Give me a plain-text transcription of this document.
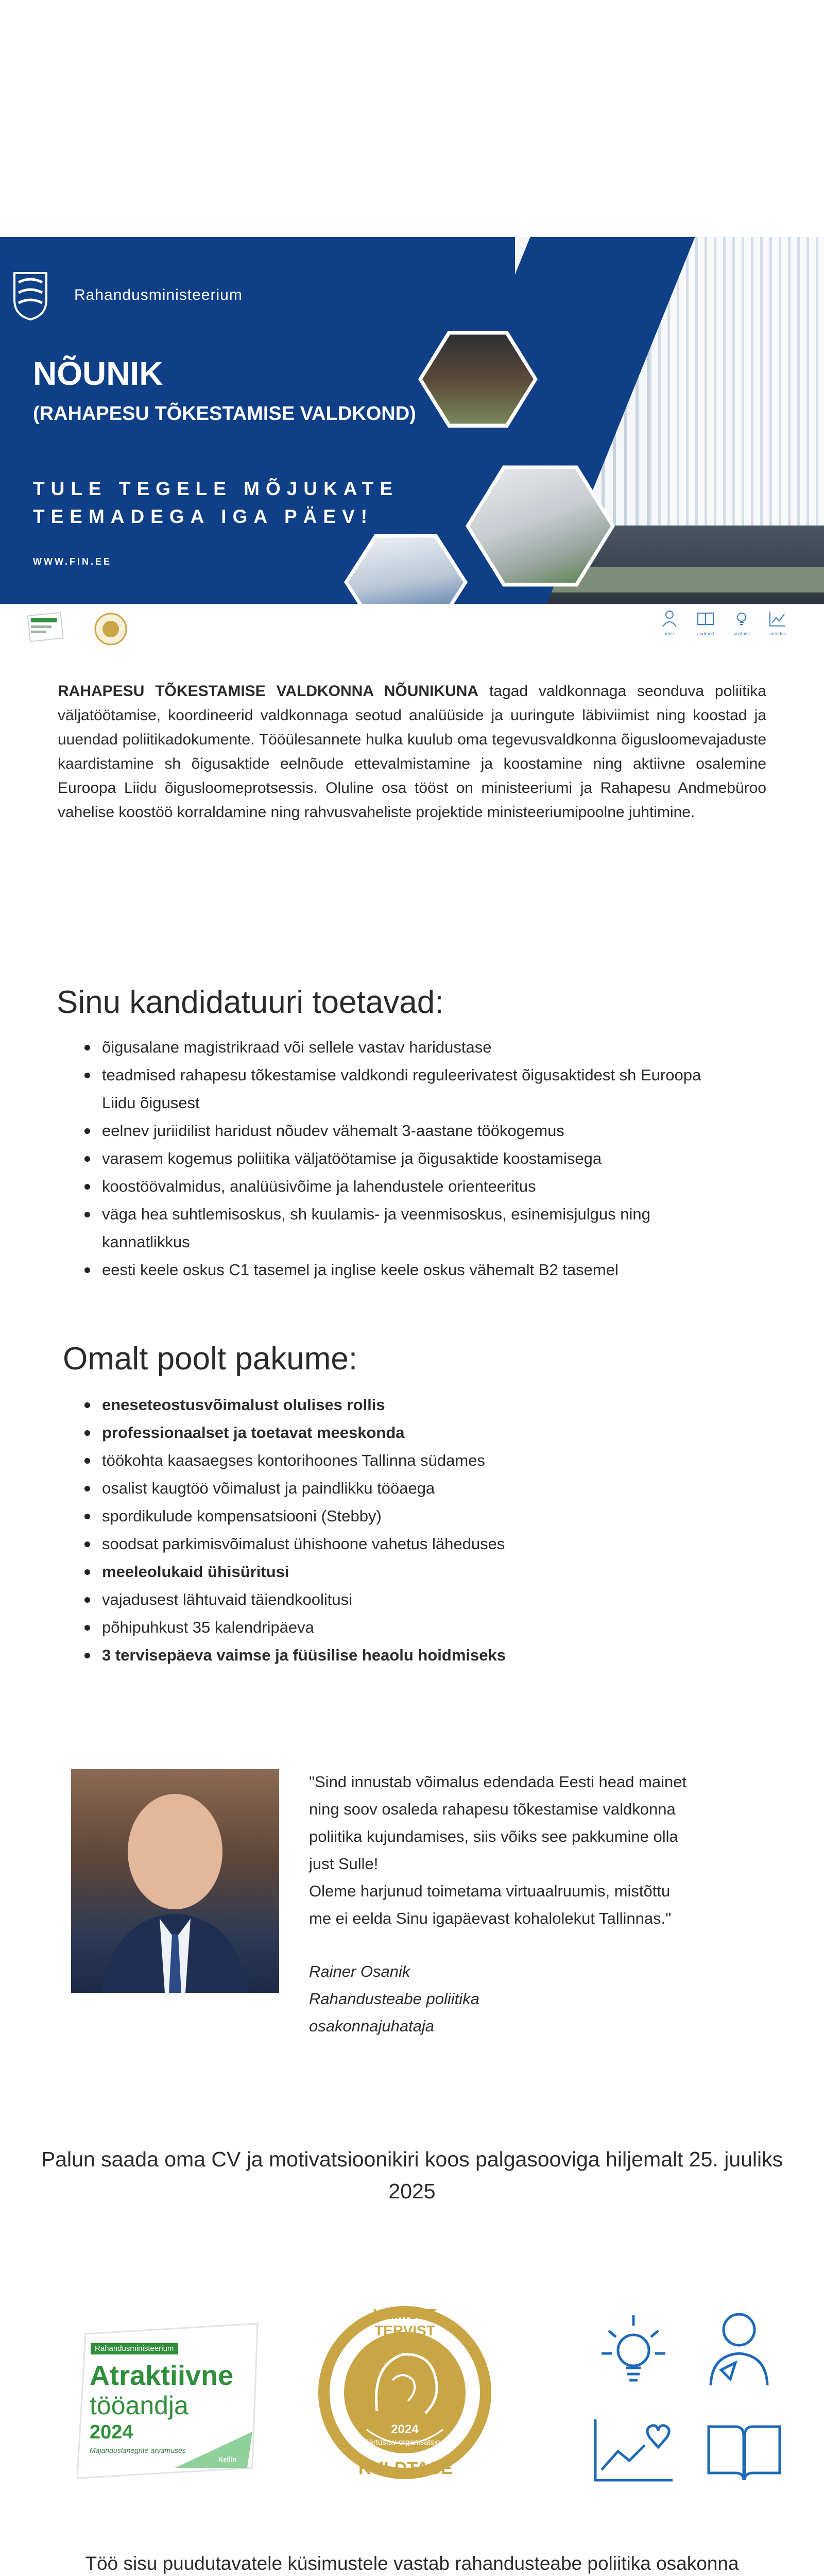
Rahandusministeerium
NÕUNIK
(RAHAPESU TÕKESTAMISE VALDKOND)
TULE TEGELE MÕJUKATE
TEEMADEGA IGA PÄEV!
WWW.FIN.EE
idee	andmed	analüüs	arendus
RAHAPESU TÕKESTAMISE VALDKONNA NÕUNIKUNA tagad valdkonnaga seonduva poliitika väljatöötamise, koordineerid valdkonnaga seotud analüüside ja uuringute läbiviimist ning koostad ja uuendad poliitikadokumente. Tööülesannete hulka kuulub oma tegevusvaldkonna õigusloomevajaduste kaardistamine sh õigusaktide eelnõude ettevalmistamine ja koostamine ning aktiivne osalemine Euroopa Liidu õigusloomeprotsessis. Oluline osa tööst on ministeeriumi ja Rahapesu Andmebüroo vahelise koostöö korraldamine ning rahvusvaheliste projektide ministeeriumipoolne juhtimine.
Sinu kandidatuuri toetavad:
õigusalane magistrikraad või sellele vastav haridustase
teadmised rahapesu tõkestamise valdkondi reguleerivatest õigusaktidest sh Euroopa Liidu õigusest
eelnev juriidilist haridust nõudev vähemalt 3-aastane töökogemus
varasem kogemus poliitika väljatöötamise ja õigusaktide koostamisega
koostöövalmidus, analüüsivõime ja lahendustele orienteeritus
väga hea suhtlemisoskus, sh kuulamis- ja veenmisoskus, esinemisjulgus ning kannatlikkus
eesti keele oskus C1 tasemel ja inglise keele oskus vähemalt B2 tasemel
Omalt poolt pakume:
eneseteostusvõimalust olulises rollis
professionaalset ja toetavat meeskonda
töökohta kaasaegses kontorihoones Tallinna südames
osalist kaugtöö võimalust ja paindlikku tööaega
spordikulude kompensatsiooni (Stebby)
soodsat parkimisvõimalust ühishoone vahetus läheduses
meeleolukaid ühisüritusi
vajadusest lähtuvaid täiendkoolitusi
põhipuhkust 35 kalendripäeva
3 tervisepäeva vaimse ja füüsilise heaolu hoidmiseks
"Sind innustab võimalus edendada Eesti head mainet
ning soov osaleda rahapesu tõkestamise valdkonna
poliitika kujundamises, siis võiks see pakkumine olla
just Sulle!
Oleme harjunud toimetama virtuaalruumis, mistõttu
me ei eelda Sinu igapäevast kohalolekut Tallinnas."
Rainer Osanik
Rahandusteabe poliitika
osakonnajuhataja
Palun saada oma CV ja motivatsioonikiri koos palgasooviga hiljemalt 25. juuliks
2025
Rahandusministeerium
Atraktiivne
tööandja
2024
Majanduslanegrite arvamuses
Kellin
VAIMSET TERVIST
2024
väärtustav organisatsioon
KULDTASE
Töö sisu puudutavatele küsimustele vastab rahandusteabe poliitika osakonna
